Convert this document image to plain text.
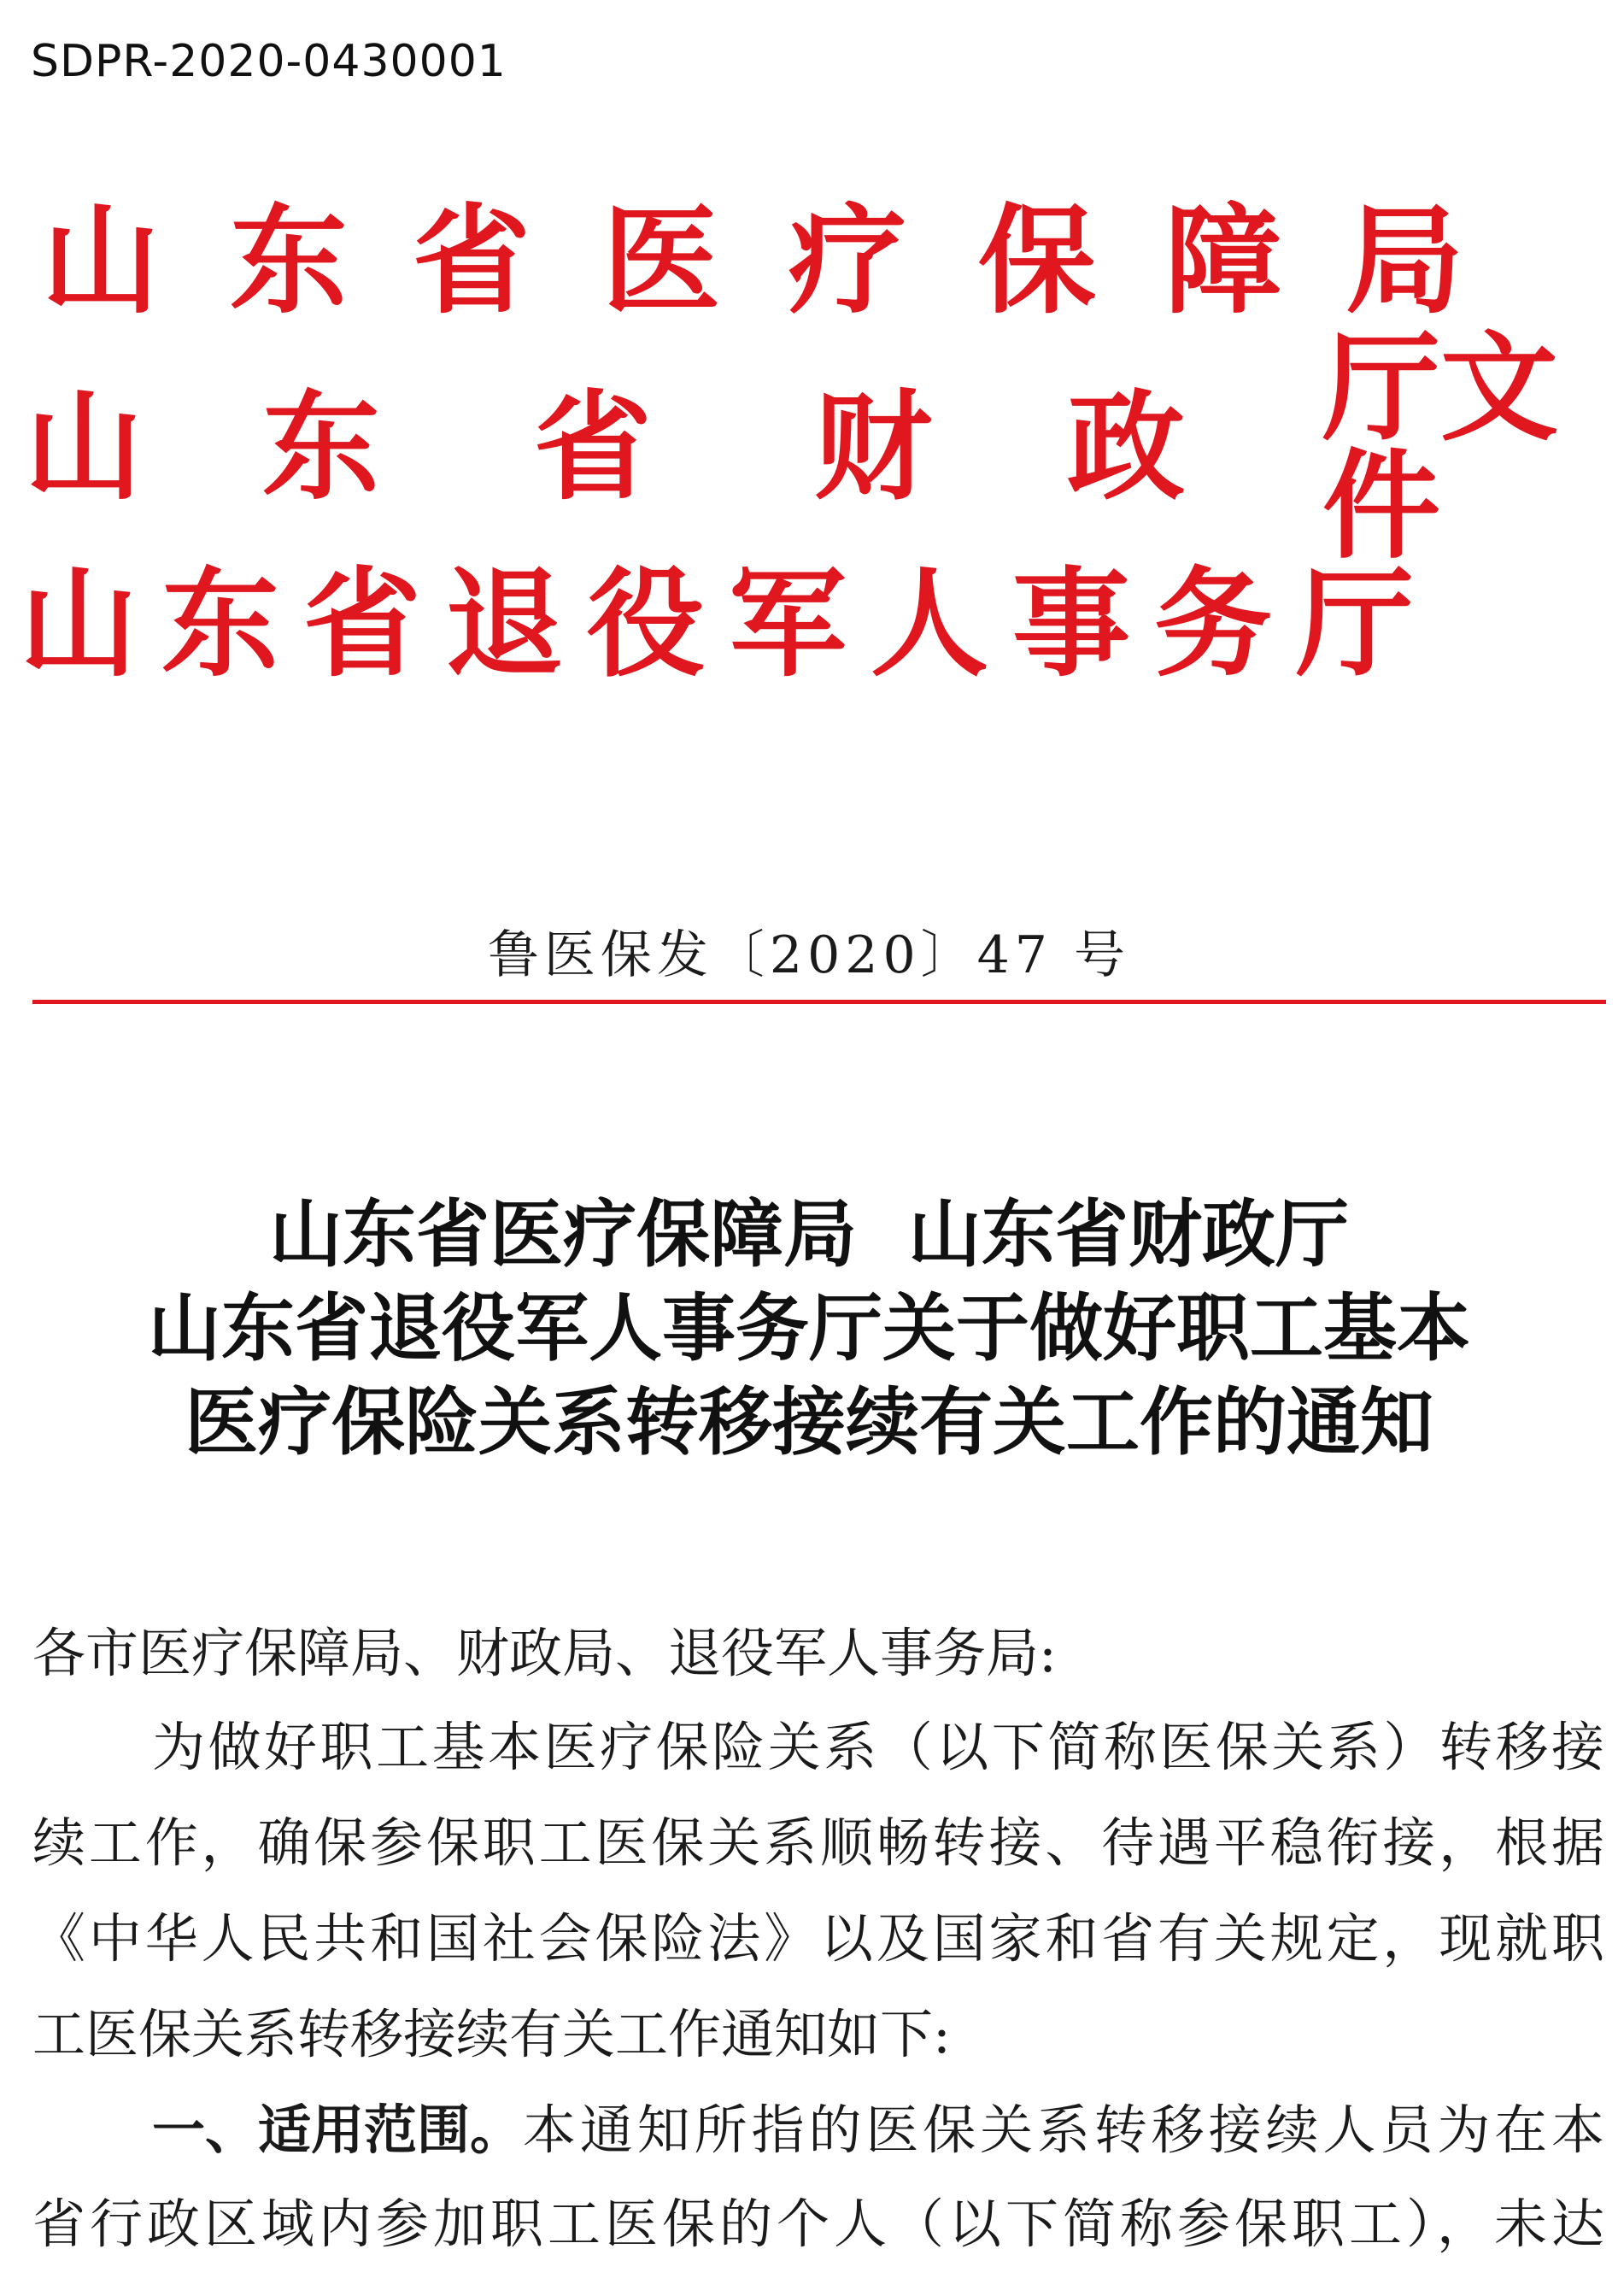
SDPR-2020-0430001
山 东 省 医 疗 保 障 局
山 东 省 财 政 厅文件
山 东 省 退 役 军 人 事 务 厅
鲁医保发〔2020〕47 号
山东省医疗保障局  山东省财政厅
山东省退役军人事务厅关于做好职工基本
医疗保险关系转移接续有关工作的通知
各市医疗保障局、财政局、退役军人事务局:
为做好职工基本医疗保险关系（以下简称医保关系）转移接
续工作，确保参保职工医保关系顺畅转接、待遇平稳衔接，根据
《中华人民共和国社会保险法》以及国家和省有关规定，现就职
工医保关系转移接续有关工作通知如下:
一、适用范围。 本通知所指的医保关系转移接续人员为在本
省行政区域内参加职工医保的个人（以下简称参保职工），未达
